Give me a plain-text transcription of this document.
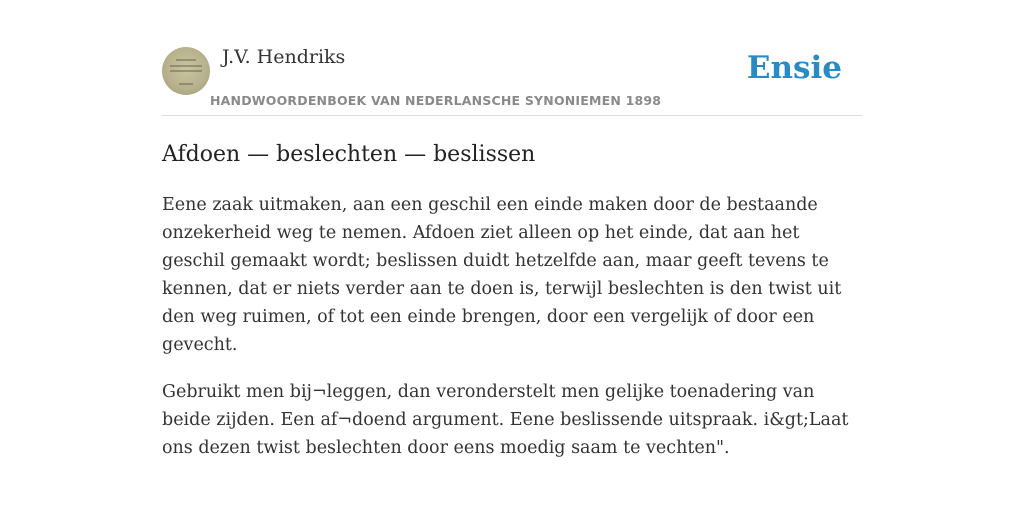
J.V. Hendriks
HANDWOORDENBOEK VAN NEDERLANSCHE SYNONIEMEN 1898
Ensie
Afdoen — beslechten — beslissen

Eene zaak uitmaken, aan een geschil een einde maken door de bestaande onzekerheid weg te nemen. Afdoen ziet alleen op het einde, dat aan het geschil gemaakt wordt; beslissen duidt hetzelfde aan, maar geeft tevens te kennen, dat er niets verder aan te doen is, terwijl beslechten is den twist uit den weg ruimen, of tot een einde brengen, door een vergelijk of door een gevecht.

Gebruikt men bij¬leggen, dan veronderstelt men gelijke toenadering van beide zijden. Een af¬doend argument. Eene beslissende uitspraak. i&gt;Laat ons dezen twist beslechten door eens moedig saam te vechten".
